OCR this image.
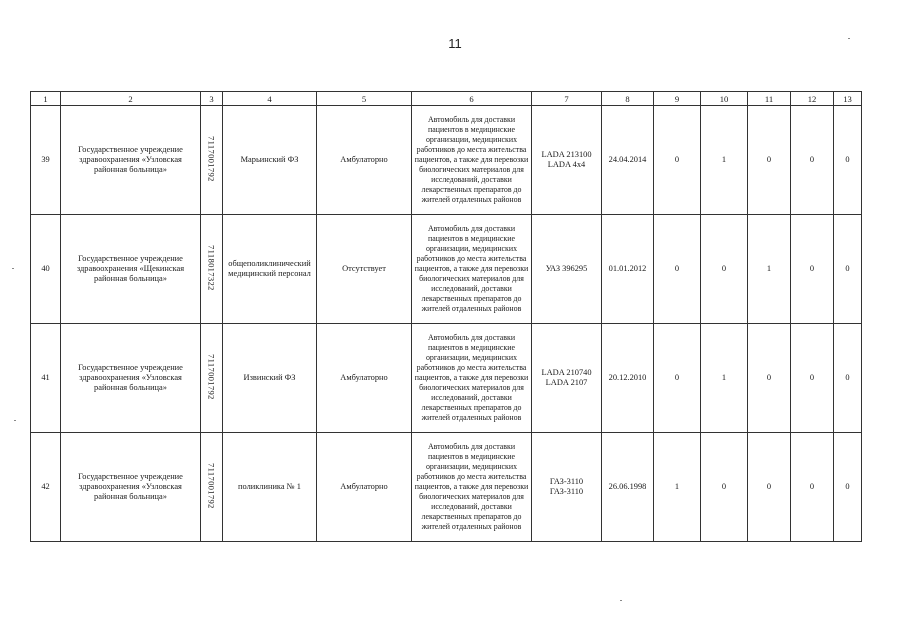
11
1	2	3	4	5	6	7	8	9	10	11	12	13
39	Государственное учреждение здравоохранения «Узловская районная больница»	7117001792	Марьинский ФЗ	Амбулаторно	Автомобиль для доставки пациентов в медицинские организации, медицинских работников до места жительства пациентов, а также для перевозки биологических материалов для исследований, доставки лекарственных препаратов до жителей отдаленных районов	LADA 213100 LADA 4x4	24.04.2014	0	1	0	0	0
40	Государственное учреждение здравоохранения «Щекинская районная больница»	7118017322	общеполиклинический медицинский персонал	Отсутствует	Автомобиль для доставки пациентов в медицинские организации, медицинских работников до места жительства пациентов, а также для перевозки биологических материалов для исследований, доставки лекарственных препаратов до жителей отдаленных районов	УАЗ 396295	01.01.2012	0	0	1	0	0
41	Государственное учреждение здравоохранения «Узловская районная больница»	7117001792	Извинский ФЗ	Амбулаторно	Автомобиль для доставки пациентов в медицинские организации, медицинских работников до места жительства пациентов, а также для перевозки биологических материалов для исследований, доставки лекарственных препаратов до жителей отдаленных районов	LADA 210740 LADA 2107	20.12.2010	0	1	0	0	0
42	Государственное учреждение здравоохранения «Узловская районная больница»	7117001792	поликлиника № 1	Амбулаторно	Автомобиль для доставки пациентов в медицинские организации, медицинских работников до места жительства пациентов, а также для перевозки биологических материалов для исследований, доставки лекарственных препаратов до жителей отдаленных районов	ГАЗ-3110 ГАЗ-3110	26.06.1998	1	0	0	0	0
